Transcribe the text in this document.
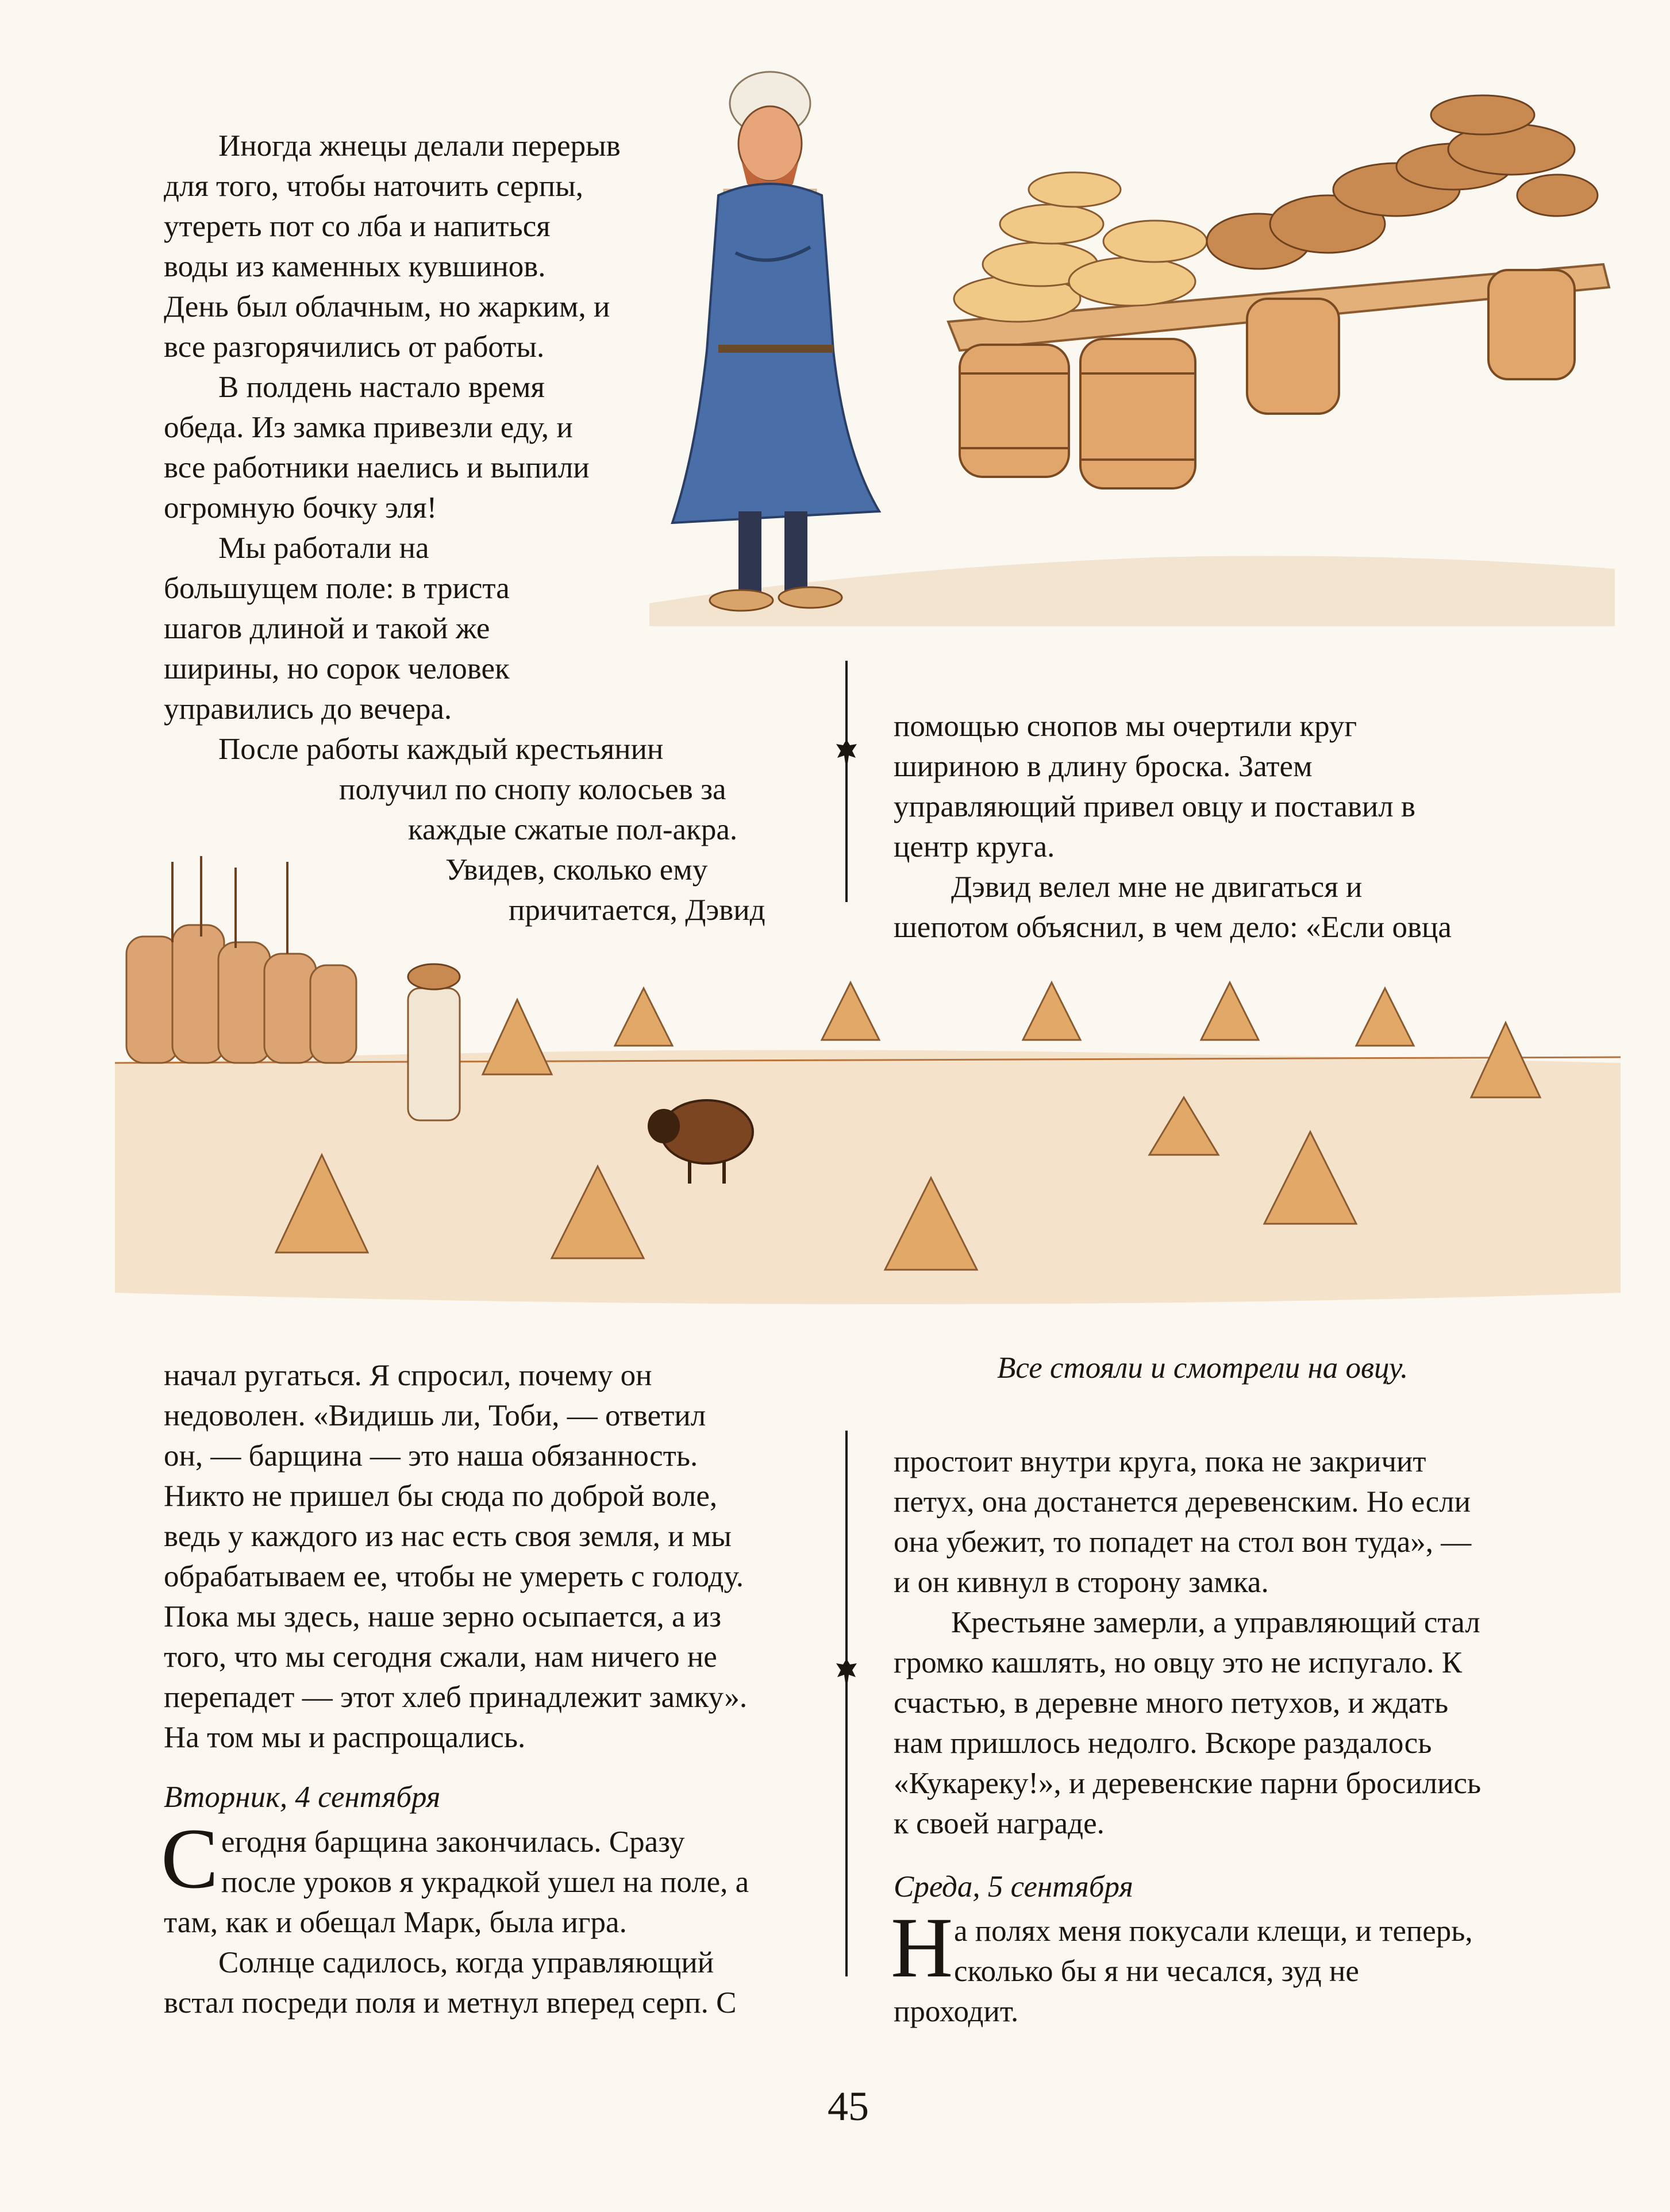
Иногда жнецы делали перерыв
для того, чтобы наточить серпы,
утереть пот со лба и напиться
воды из каменных кувшинов.
День был облачным, но жарким, и
все разгорячились от работы.
В полдень настало время
обеда. Из замка привезли еду, и
все работники наелись и выпили
огромную бочку эля!
Мы работали на
большущем поле: в триста
шагов длиной и такой же
ширины, но сорок человек
управились до вечера.
После работы каждый крестьянин
получил по снопу колосьев за
каждые сжатые пол-акра.
Увидев, сколько ему
причитается, Дэвид
помощью снопов мы очертили круг
шириною в длину броска. Затем
управляющий привел овцу и поставил в
центр круга.
Дэвид велел мне не двигаться и
шепотом объяснил, в чем дело: «Если овца
Все стояли и смотрели на овцу.
начал ругаться. Я спросил, почему он
недоволен. «Видишь ли, Тоби, — ответил
он, — барщина — это наша обязанность.
Никто не пришел бы сюда по доброй воле,
ведь у каждого из нас есть своя земля, и мы
обрабатываем ее, чтобы не умереть с голоду.
Пока мы здесь, наше зерно осыпается, а из
того, что мы сегодня сжали, нам ничего не
перепадет — этот хлеб принадлежит замку».
На том мы и распрощались.
Вторник, 4 сентября
С егодня барщина закончилась. Сразу
после уроков я украдкой ушел на поле, а
там, как и обещал Марк, была игра.
Солнце садилось, когда управляющий
встал посреди поля и метнул вперед серп. С
простоит внутри круга, пока не закричит
петух, она достанется деревенским. Но если
она убежит, то попадет на стол вон туда», —
и он кивнул в сторону замка.
Крестьяне замерли, а управляющий стал
громко кашлять, но овцу это не испугало. К
счастью, в деревне много петухов, и ждать
нам пришлось недолго. Вскоре раздалось
«Кукареку!», и деревенские парни бросились
к своей награде.
Среда, 5 сентября
Н а полях меня покусали клещи, и теперь,
сколько бы я ни чесался, зуд не
проходит.
45
